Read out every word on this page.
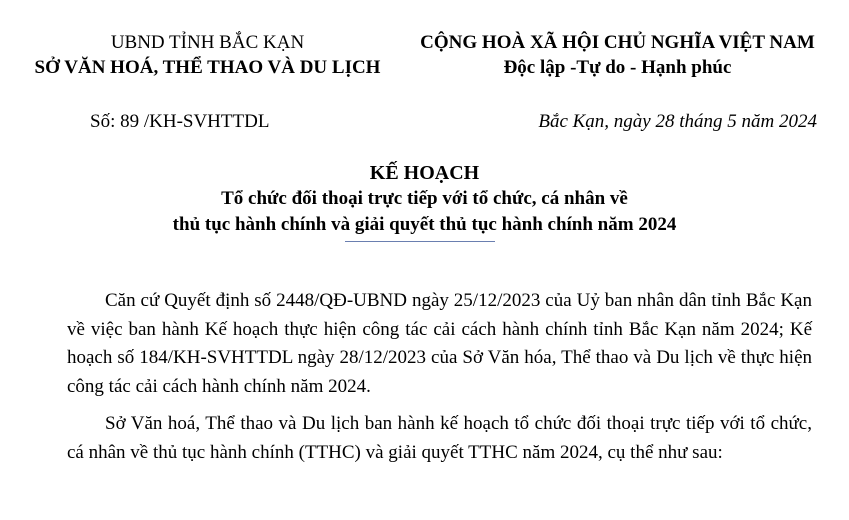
UBND TỈNH BẮC KẠN
SỞ VĂN HOÁ, THỂ THAO VÀ DU LỊCH
CỘNG HOÀ XÃ HỘI CHỦ NGHĨA VIỆT NAM
Độc lập -Tự do - Hạnh phúc
Số: 89 /KH-SVHTTDL	Bắc Kạn, ngày 28 tháng 5 năm 2024
KẾ HOẠCH
Tổ chức đối thoại trực tiếp với tổ chức, cá nhân về
thủ tục hành chính và giải quyết thủ tục hành chính năm 2024

Căn cứ Quyết định số 2448/QĐ-UBND ngày 25/12/2023 của Uỷ ban nhân dân tỉnh Bắc Kạn về việc ban hành Kế hoạch thực hiện công tác cải cách hành chính tỉnh Bắc Kạn năm 2024; Kế hoạch số 184/KH-SVHTTDL ngày 28/12/2023 của Sở Văn hóa, Thể thao và Du lịch về thực hiện công tác cải cách hành chính năm 2024.

Sở Văn hoá, Thể thao và Du lịch ban hành kế hoạch tổ chức đối thoại trực tiếp với tổ chức, cá nhân về thủ tục hành chính (TTHC) và giải quyết TTHC năm 2024, cụ thể như sau:
